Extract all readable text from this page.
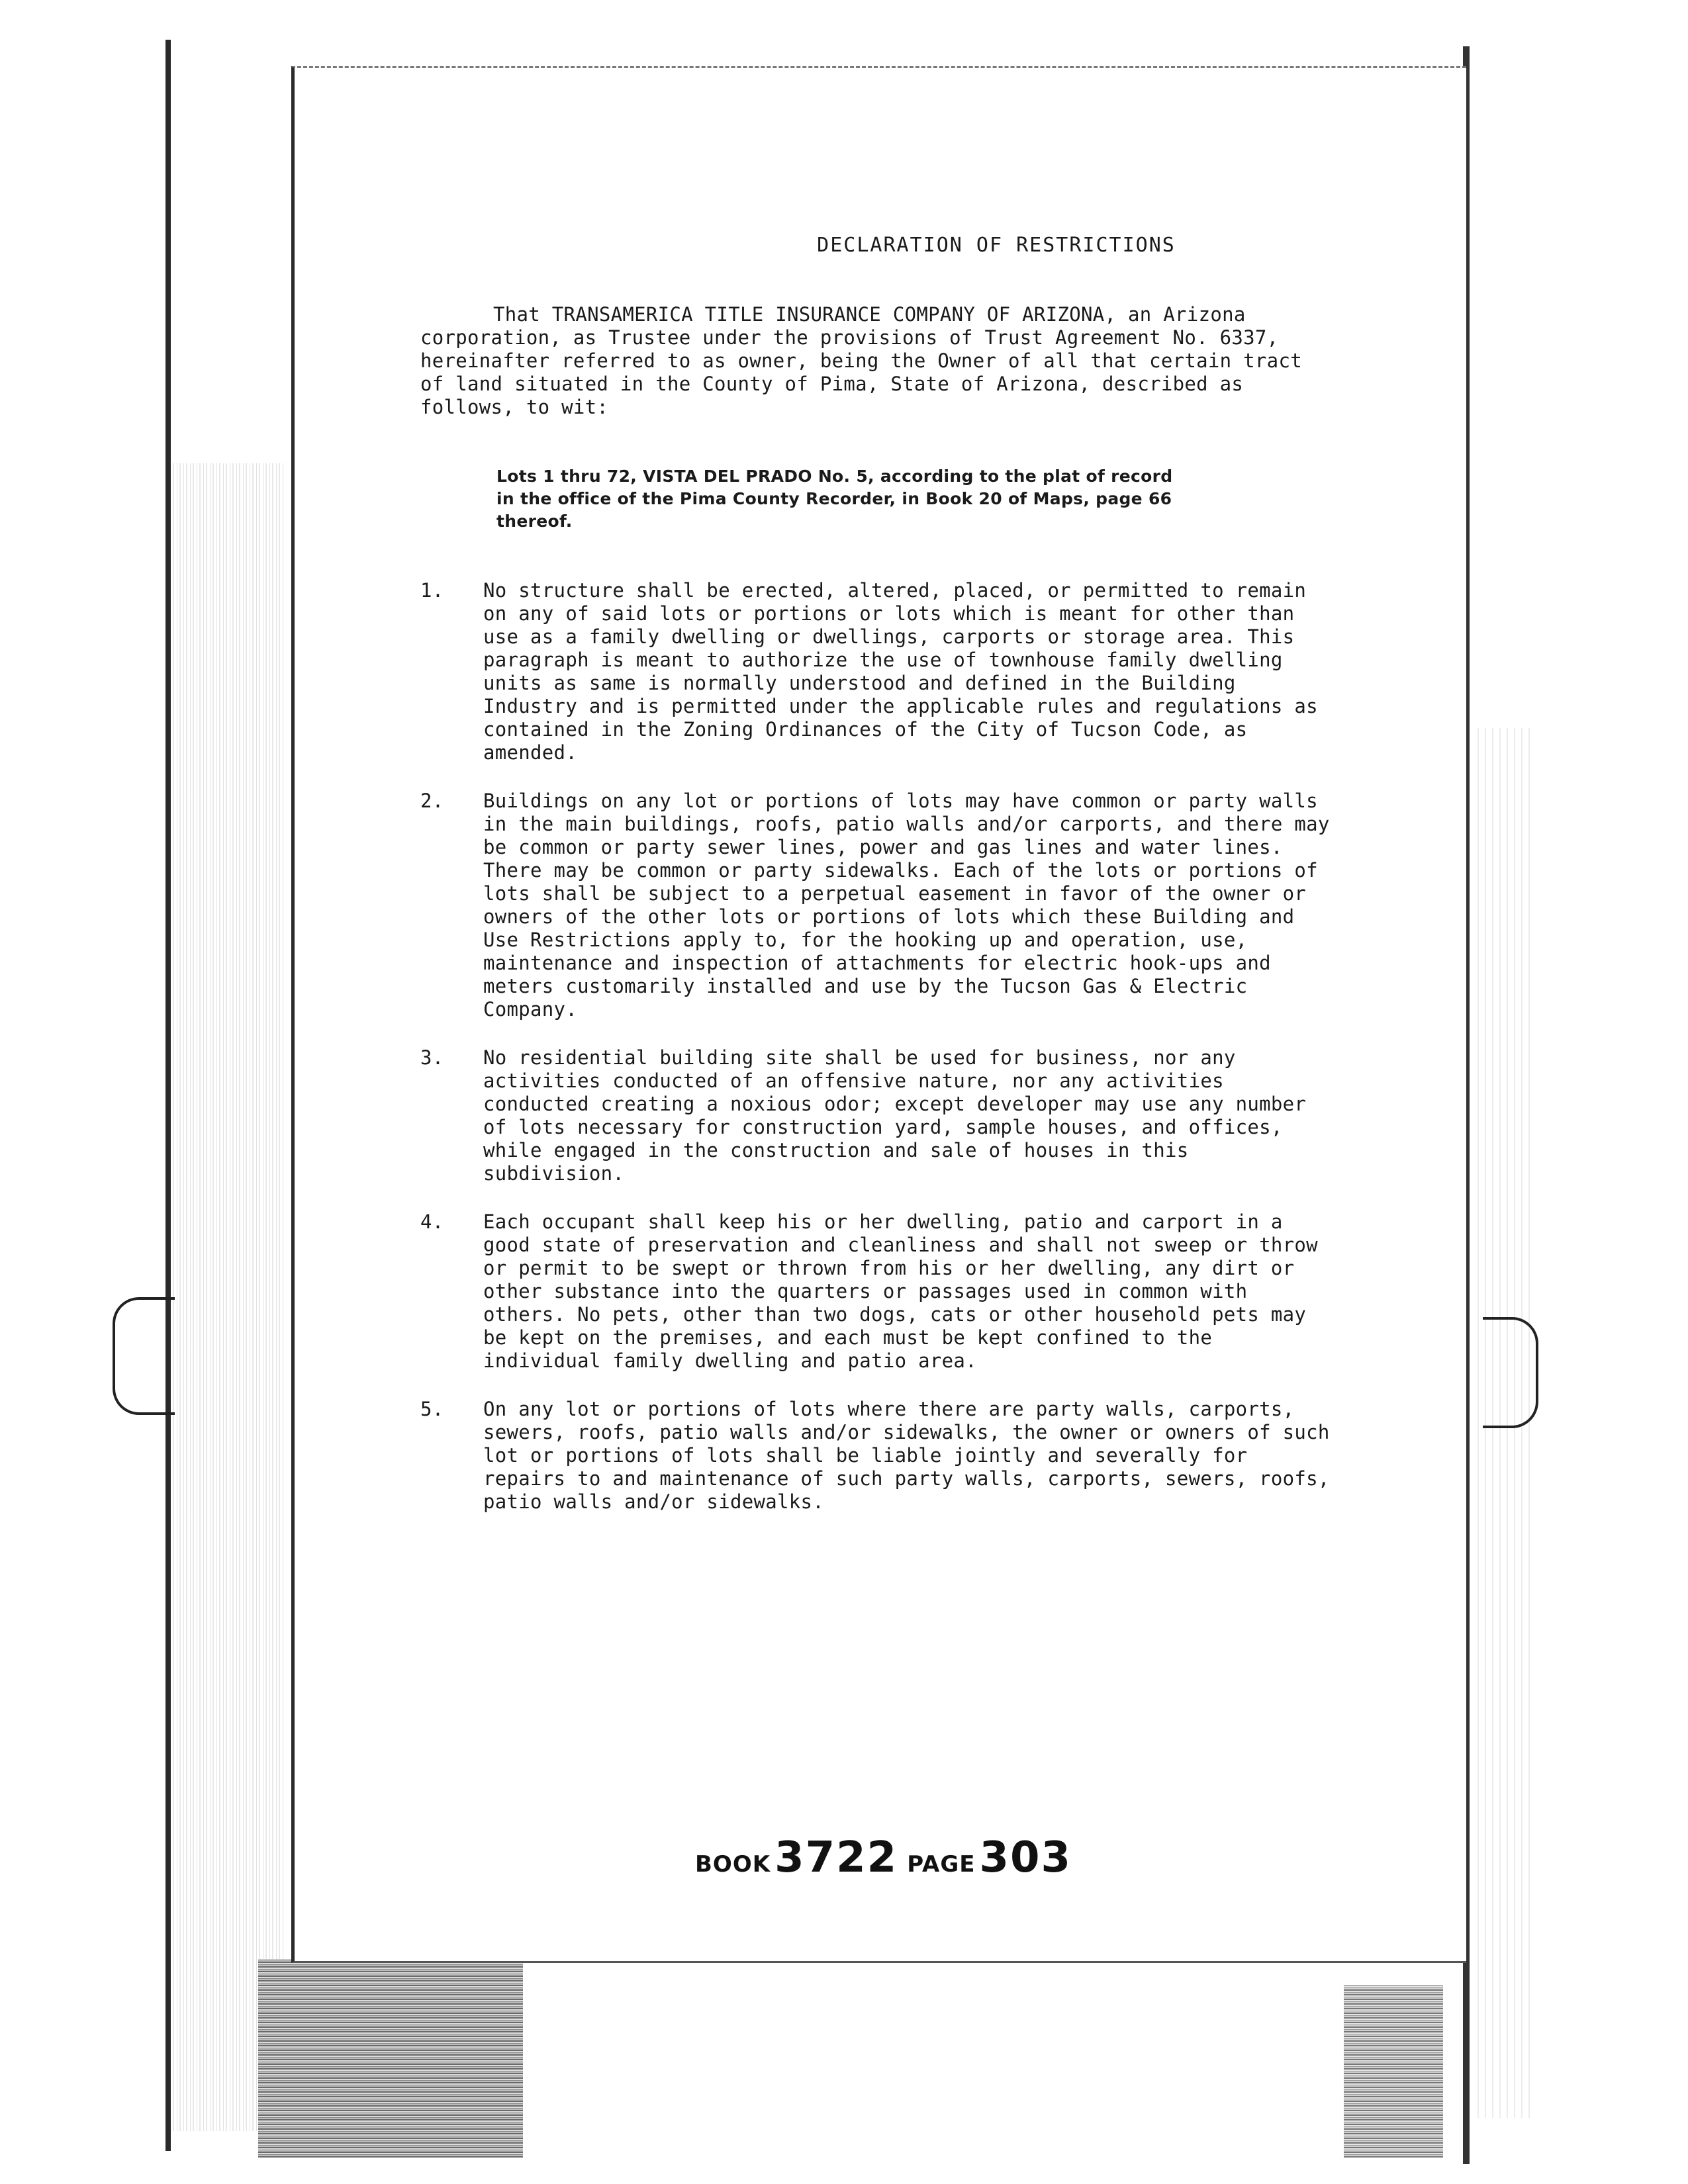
DECLARATION OF RESTRICTIONS

That TRANSAMERICA TITLE INSURANCE COMPANY OF ARIZONA, an Arizona corporation, as Trustee under the provisions of Trust Agreement No. 6337, hereinafter referred to as owner, being the Owner of all that certain tract of land situated in the County of Pima, State of Arizona, described as follows, to wit:

Lots 1 thru 72, VISTA DEL PRADO No. 5, according to the plat of record in the office of the Pima County Recorder, in Book 20 of Maps, page 66 thereof.

1.	No structure shall be erected, altered, placed, or permitted to remain on any of said lots or portions or lots which is meant for other than use as a family dwelling or dwellings, carports or storage area. This paragraph is meant to authorize the use of townhouse family dwelling units as same is normally understood and defined in the Building Industry and is permitted under the applicable rules and regulations as contained in the Zoning Ordinances of the City of Tucson Code, as amended.
2.	Buildings on any lot or portions of lots may have common or party walls in the main buildings, roofs, patio walls and/or carports, and there may be common or party sewer lines, power and gas lines and water lines. There may be common or party sidewalks. Each of the lots or portions of lots shall be subject to a perpetual easement in favor of the owner or owners of the other lots or portions of lots which these Building and Use Restrictions apply to, for the hooking up and operation, use, maintenance and inspection of attachments for electric hook-ups and meters customarily installed and use by the Tucson Gas & Electric Company.
3.	No residential building site shall be used for business, nor any activities conducted of an offensive nature, nor any activities conducted creating a noxious odor; except developer may use any number of lots necessary for construction yard, sample houses, and offices, while engaged in the construction and sale of houses in this subdivision.
4.	Each occupant shall keep his or her dwelling, patio and carport in a good state of preservation and cleanliness and shall not sweep or throw or permit to be swept or thrown from his or her dwelling, any dirt or other substance into the quarters or passages used in common with others. No pets, other than two dogs, cats or other household pets may be kept on the premises, and each must be kept confined to the individual family dwelling and patio area.
5.	On any lot or portions of lots where there are party walls, carports, sewers, roofs, patio walls and/or sidewalks, the owner or owners of such lot or portions of lots shall be liable jointly and severally for repairs to and maintenance of such party walls, carports, sewers, roofs, patio walls and/or sidewalks.
BOOK3722 PAGE303
